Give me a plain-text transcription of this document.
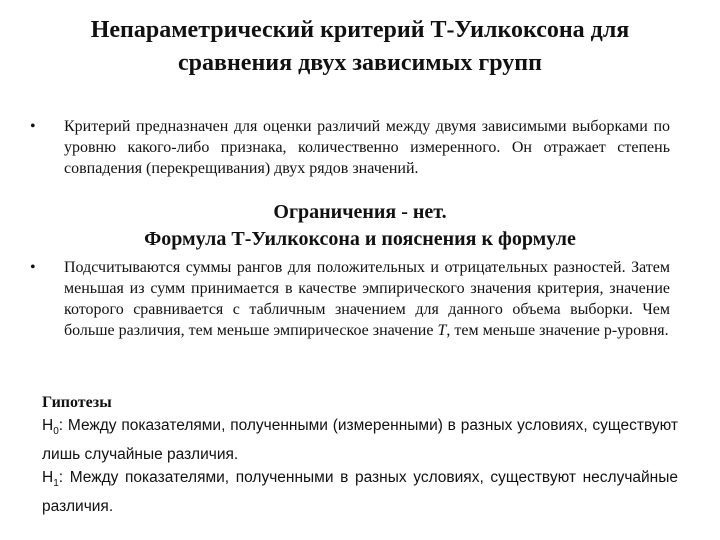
Непараметрический критерий Т-Уилкоксона для
сравнения двух зависимых групп
•	Критерий предназначен для оценки различий между двумя зависимыми выборками по уровню какого-либо признака, количественно измеренного. Он отражает степень совпадения (перекрещивания) двух рядов значений.
Ограничения - нет.
Формула Т-Уилкоксона и пояснения к формуле
•	Подсчитываются суммы рангов для положительных и отрицательных разностей. Затем меньшая из сумм принимается в качестве эмпирического значения критерия, значение которого сравнивается с табличным значением для данного объема выборки. Чем больше различия, тем меньше эмпирическое значение Т, тем меньше значение р-уровня.
Гипотезы
$H_0$: Между показателями, полученными (измеренными) в разных условиях, существуют лишь случайные различия.
$H_1$: Между показателями, полученными в разных условиях, существуют неслучайные различия.
